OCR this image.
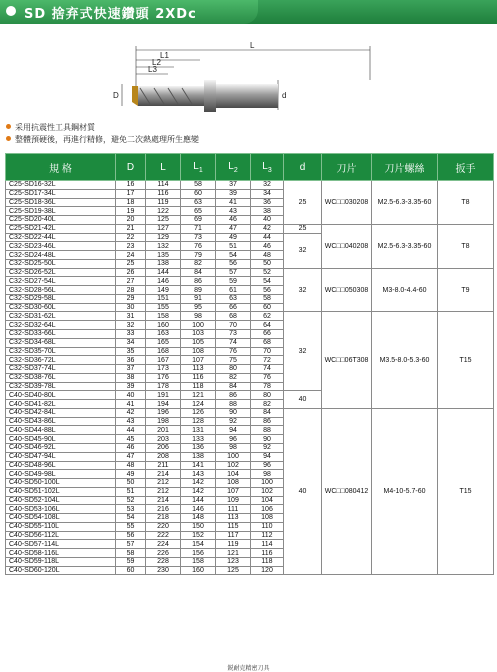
SD 捨弃式快速鑽頭 2XDc
L
L1
L2
L3
D	d
采用抗震性工具鋼材質
整體預硬後，再進行精修，避免二次熱處理所生應變
規 格	D	L	$L_1$	$L_2$	$L_3$	d	刀片	刀片螺絲	扳手
C25-SD16-32L	16	114	58	37	32	25	WC□□030208	M2.5-6.3-3.35-60	T8
C25-SD17-34L	17	116	60	39	34				
C25-SD18-36L	18	119	63	41	36				
C25-SD19-38L	19	122	65	43	38				
C25-SD20-40L	20	125	69	46	40				
C25-SD21-42L	21	127	71	47	42	25	WC□□040208	M2.5-6.3-3.35-60	T8
C32-SD22-44L	22	129	73	49	44	32			
C32-SD23-46L	23	132	76	51	46				
C32-SD24-48L	24	135	79	54	48				
C32-SD25-50L	25	138	82	56	50				
C32-SD26-52L	26	144	84	57	52	32	WC□□050308	M3-8.0-4.4-60	T9
C32-SD27-54L	27	146	86	59	54				
C32-SD28-56L	28	149	89	61	56				
C32-SD29-58L	29	151	91	63	58				
C32-SD30-60L	30	155	95	66	60				
C32-SD31-62L	31	158	98	68	62	32	WC□□06T308	M3.5-8.0-5.3-60	T15
C32-SD32-64L	32	160	100	70	64				
C32-SD33-66L	33	163	103	73	66				
C32-SD34-68L	34	165	105	74	68				
C32-SD35-70L	35	168	108	76	70				
C32-SD36-72L	36	167	107	75	72				
C32-SD37-74L	37	173	113	80	74				
C32-SD38-76L	38	176	116	82	76				
C32-SD39-78L	39	178	118	84	78				
C40-SD40-80L	40	191	121	86	80	40			
C40-SD41-82L	41	194	124	88	82				
C40-SD42-84L	42	196	126	90	84	40	WC□□080412	M4-10-5.7-60	T15
C40-SD43-86L	43	198	128	92	86				
C40-SD44-88L	44	201	131	94	88				
C40-SD45-90L	45	203	133	96	90				
C40-SD46-92L	46	206	136	98	92				
C40-SD47-94L	47	208	138	100	94				
C40-SD48-96L	48	211	141	102	96				
C40-SD49-98L	49	214	143	104	98				
C40-SD50-100L	50	212	142	108	100				
C40-SD51-102L	51	212	142	107	102				
C40-SD52-104L	52	214	144	109	104				
C40-SD53-106L	53	216	146	111	106				
C40-SD54-108L	54	218	148	113	108				
C40-SD55-110L	55	220	150	115	110				
C40-SD56-112L	56	222	152	117	112				
C40-SD57-114L	57	224	154	119	114				
C40-SD58-116L	58	226	156	121	116				
C40-SD59-118L	59	228	158	123	118				
C40-SD60-120L	60	230	160	125	120				
鋭耐克精密刀具
